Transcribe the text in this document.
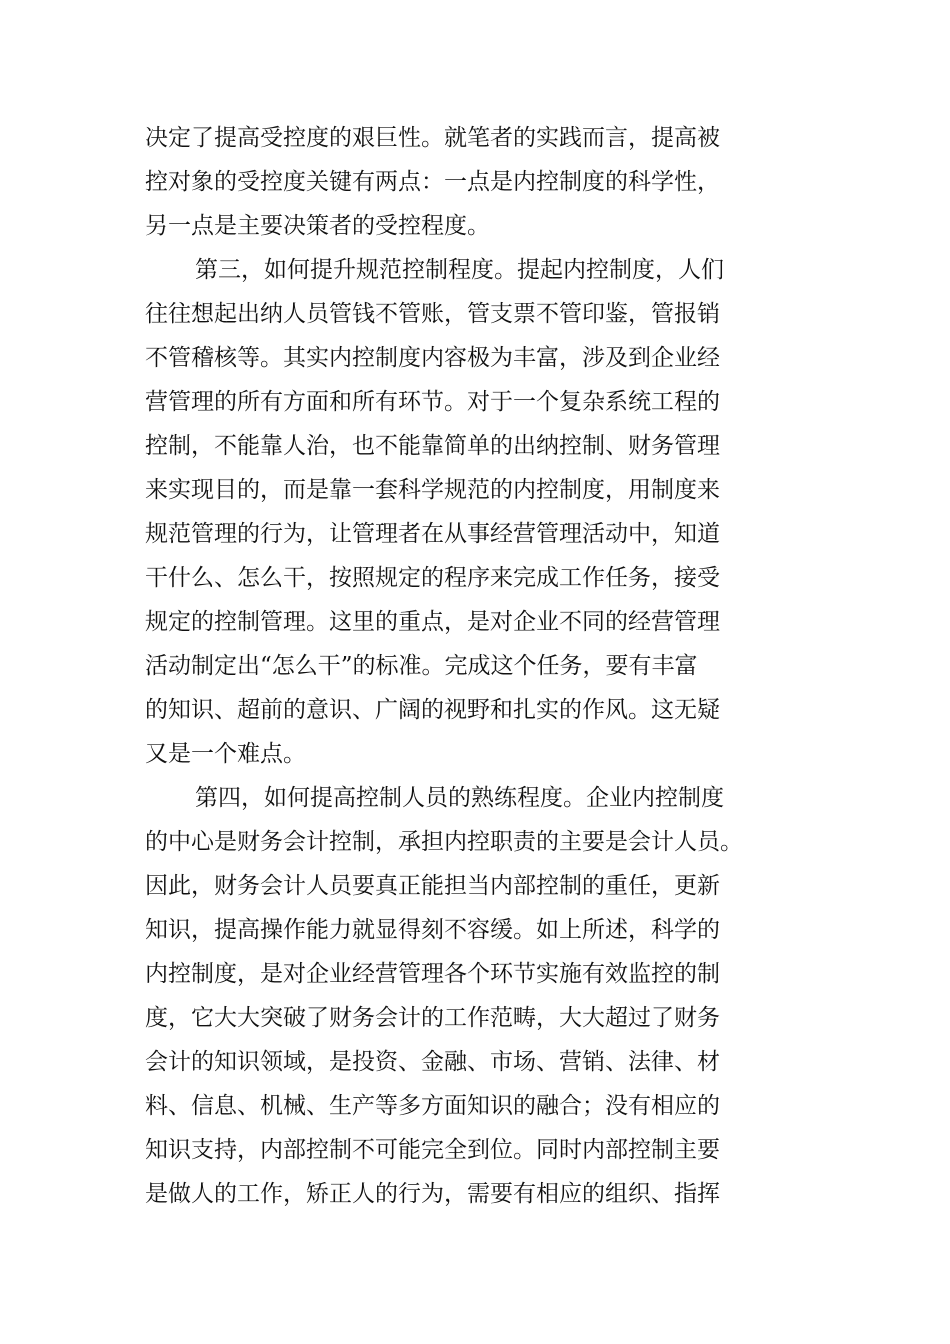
决定了提高受控度的艰巨性。就笔者的实践而言，提高被
控对象的受控度关键有两点：一点是内控制度的科学性，
另一点是主要决策者的受控程度。
第三，如何提升规范控制程度。提起内控制度，人们
往往想起出纳人员管钱不管账，管支票不管印鉴，管报销
不管稽核等。其实内控制度内容极为丰富，涉及到企业经
营管理的所有方面和所有环节。对于一个复杂系统工程的
控制，不能靠人治，也不能靠简单的出纳控制、财务管理
来实现目的，而是靠一套科学规范的内控制度，用制度来
规范管理的行为，让管理者在从事经营管理活动中，知道
干什么、怎么干，按照规定的程序来完成工作任务，接受
规定的控制管理。这里的重点，是对企业不同的经营管理
活动制定出“怎么干”的标准。完成这个任务，要有丰富
的知识、超前的意识、广阔的视野和扎实的作风。这无疑
又是一个难点。
第四，如何提高控制人员的熟练程度。企业内控制度
的中心是财务会计控制，承担内控职责的主要是会计人员。
因此，财务会计人员要真正能担当内部控制的重任，更新
知识，提高操作能力就显得刻不容缓。如上所述，科学的
内控制度，是对企业经营管理各个环节实施有效监控的制
度，它大大突破了财务会计的工作范畴，大大超过了财务
会计的知识领域，是投资、金融、市场、营销、法律、材
料、信息、机械、生产等多方面知识的融合；没有相应的
知识支持，内部控制不可能完全到位。同时内部控制主要
是做人的工作，矫正人的行为，需要有相应的组织、指挥
